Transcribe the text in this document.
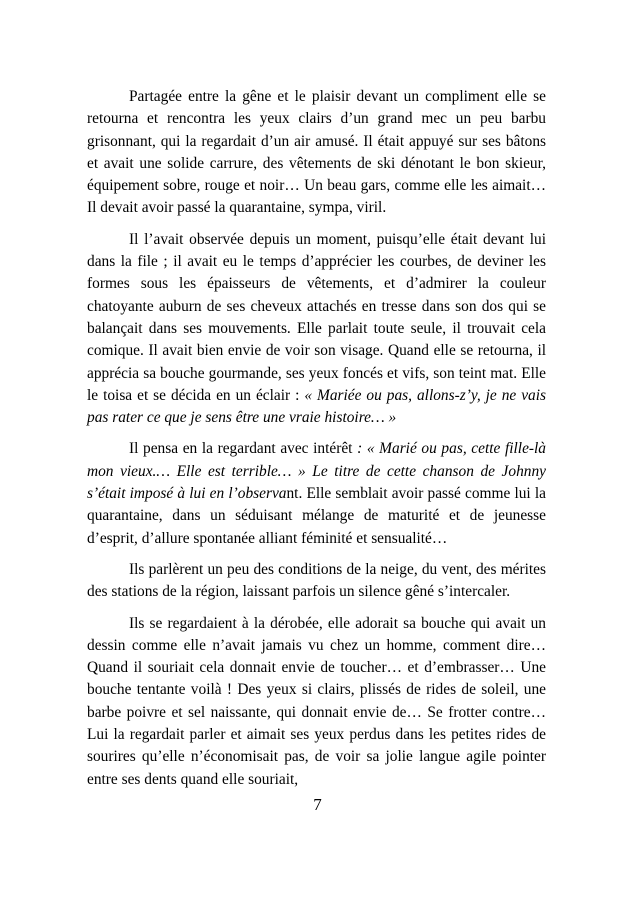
Partagée entre la gêne et le plaisir devant un compliment elle se retourna et rencontra les yeux clairs d’un grand mec un peu barbu grisonnant, qui la regardait d’un air amusé. Il était appuyé sur ses bâtons et avait une solide carrure, des vêtements de ski dénotant le bon skieur, équipement sobre, rouge et noir… Un beau gars, comme elle les aimait… Il devait avoir passé la quarantaine, sympa, viril.

Il l’avait observée depuis un moment, puisqu’elle était devant lui dans la file ; il avait eu le temps d’apprécier les courbes, de deviner les formes sous les épaisseurs de vêtements, et d’admirer la couleur chatoyante auburn de ses cheveux attachés en tresse dans son dos qui se balançait dans ses mouvements. Elle parlait toute seule, il trouvait cela comique. Il avait bien envie de voir son visage. Quand elle se retourna, il apprécia sa bouche gourmande, ses yeux foncés et vifs, son teint mat. Elle le toisa et se décida en un éclair : « Mariée ou pas, allons-z’y, je ne vais pas rater ce que je sens être une vraie histoire… »

Il pensa en la regardant avec intérêt : « Marié ou pas, cette fille-là mon vieux.… Elle est terrible… » Le titre de cette chanson de Johnny s’était imposé à lui en l’observant. Elle semblait avoir passé comme lui la quarantaine, dans un séduisant mélange de maturité et de jeunesse d’esprit, d’allure spontanée alliant féminité et sensualité…

Ils parlèrent un peu des conditions de la neige, du vent, des mérites des stations de la région, laissant parfois un silence gêné s’intercaler.

Ils se regardaient à la dérobée, elle adorait sa bouche qui avait un dessin comme elle n’avait jamais vu chez un homme, comment dire… Quand il souriait cela donnait envie de toucher… et d’embrasser… Une bouche tentante voilà ! Des yeux si clairs, plissés de rides de soleil, une barbe poivre et sel naissante, qui donnait envie de… Se frotter contre… Lui la regardait parler et aimait ses yeux perdus dans les petites rides de sourires qu’elle n’économisait pas, de voir sa jolie langue agile pointer entre ses dents quand elle souriait,

7
